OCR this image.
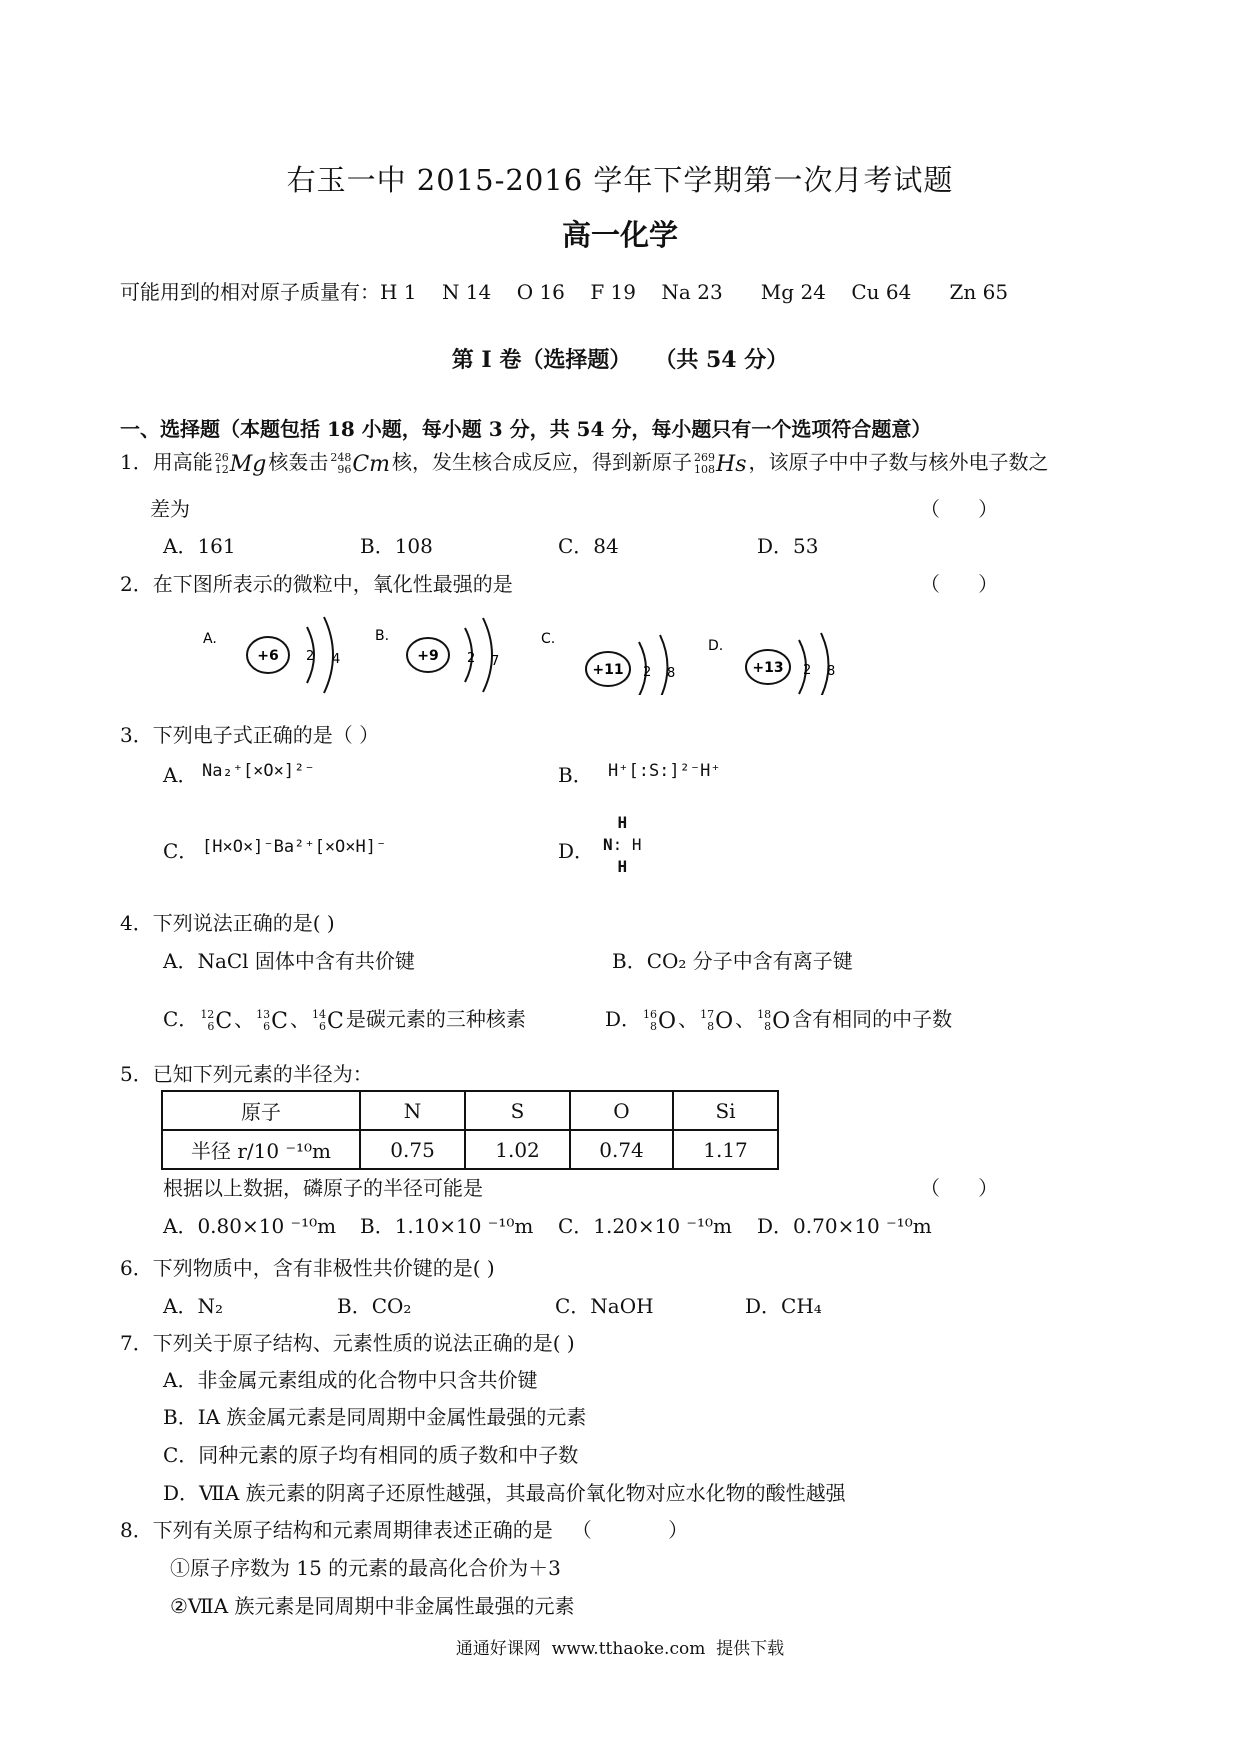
右玉一中 2015-2016 学年下学期第一次月考试题
高一化学
可能用到的相对原子质量有：H 1    N 14    O 16    F 19    Na 23      Mg 24    Cu 64      Zn 65
第 I 卷（选择题）   （共 54 分）
一、选择题（本题包括 18 小题，每小题 3 分，共 54 分，每小题只有一个选项符合题意）
1．用高能 26
12 Mg 核轰击 248
96 Cm 核，发生核合成反应，得到新原子 269
108 Hs ，该原子中中子数与核外电子数之
差为	（      ）
A．161	B．108	C．84	D．53
2．在下图所表示的微粒中，氧化性最强的是	（      ）
A.
+6 2 4
B.
+9 2 7
C.
+11 2 8
D.
+13 2 8
3．下列电子式正确的是（ ）
A． Na₂⁺[×O×]²⁻	B． H⁺[:S:]²⁻H⁺
C． [H×O×]⁻Ba²⁺[×O×H]⁻	D．
H
N: H
H
4．下列说法正确的是( )
A．NaCl 固体中含有共价键	B．CO₂ 分子中含有离子键
C． 12
6 C 、 13
6 C 、 14
6 C 是碳元素的三种核素	D． 16
8 O 、 17
8 O 、 18
8 O 含有相同的中子数
5．已知下列元素的半径为：
原子	N	S	O	Si
半径 r/10 ⁻¹⁰m	0.75	1.02	0.74	1.17
根据以上数据，磷原子的半径可能是	（      ）
A．0.80×10 ⁻¹⁰m B．1.10×10 ⁻¹⁰m C．1.20×10 ⁻¹⁰m D．0.70×10 ⁻¹⁰m
6．下列物质中，含有非极性共价键的是( )
A．N₂	B．CO₂	C．NaOH	D．CH₄
7．下列关于原子结构、元素性质的说法正确的是( )
A．非金属元素组成的化合物中只含共价键
B．ⅠA 族金属元素是同周期中金属性最强的元素
C．同种元素的原子均有相同的质子数和中子数
D．ⅦA 族元素的阴离子还原性越强，其最高价氧化物对应水化物的酸性越强
8．下列有关原子结构和元素周期律表述正确的是   （            ）
①原子序数为 15 的元素的最高化合价为＋3
②ⅦA 族元素是同周期中非金属性最强的元素
通通好课网  www.tthaoke.com  提供下载
